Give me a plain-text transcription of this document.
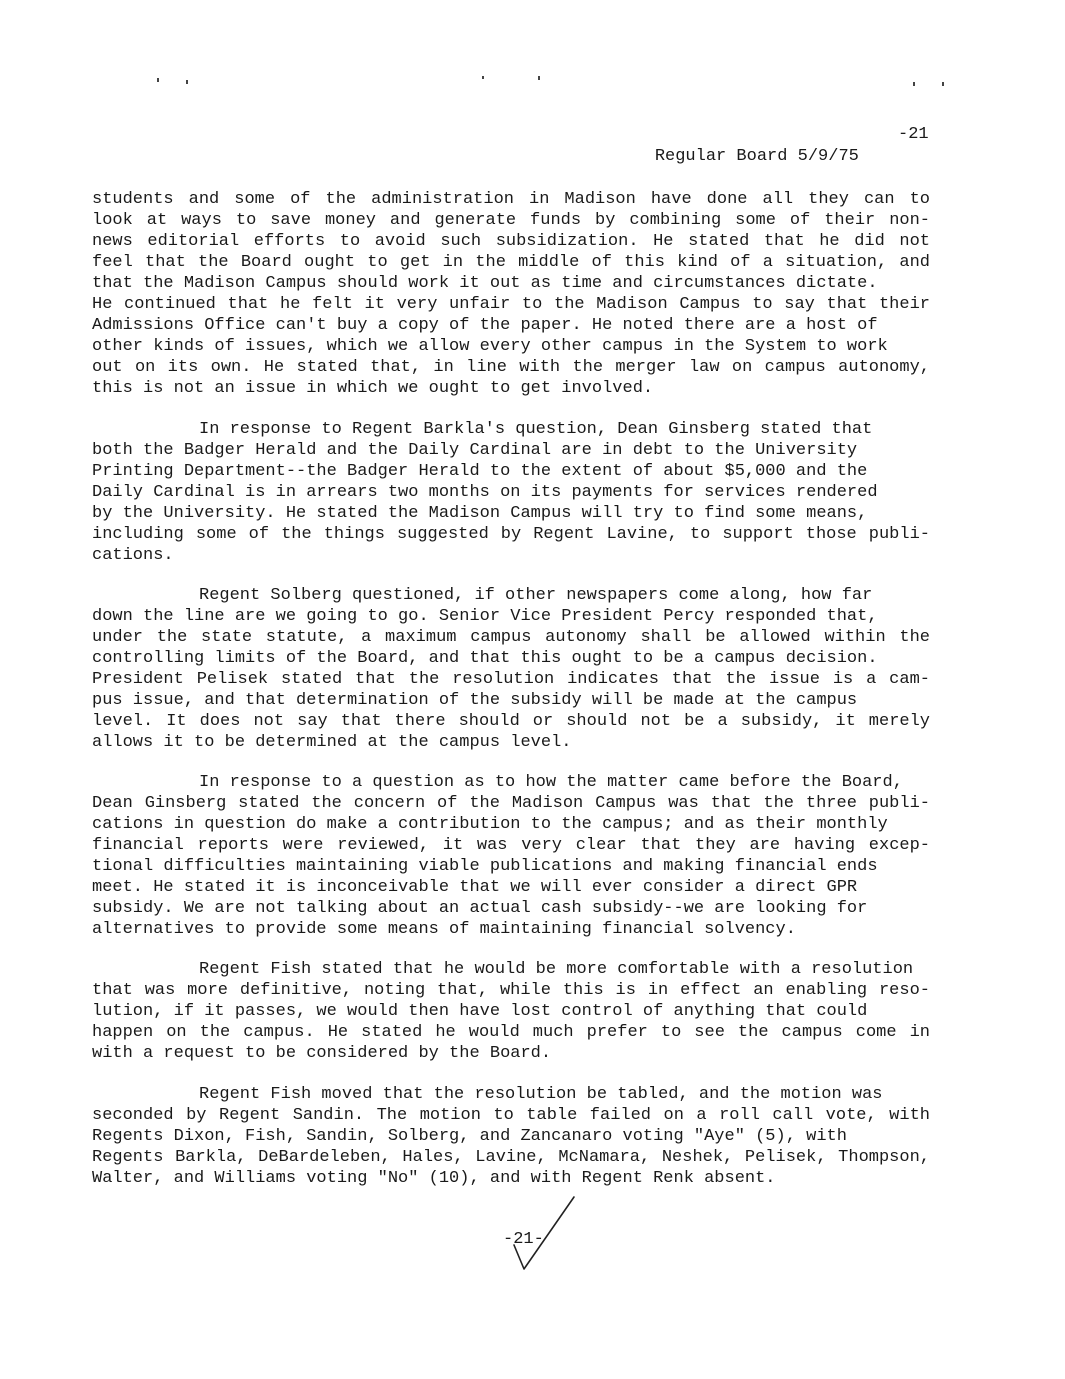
Regular Board 5/9/75

-21

students and some of the administration in Madison have done all they can to
look at ways to save money and generate funds by combining some of their non-
news editorial efforts to avoid such subsidization. He stated that he did not
feel that the Board ought to get in the middle of this kind of a situation, and
that the Madison Campus should work it out as time and circumstances dictate.
He continued that he felt it very unfair to the Madison Campus to say that their
Admissions Office can't buy a copy of the paper. He noted there are a host of
other kinds of issues, which we allow every other campus in the System to work
out on its own. He stated that, in line with the merger law on campus autonomy,
this is not an issue in which we ought to get involved.
In response to Regent Barkla's question, Dean Ginsberg stated that
both the Badger Herald and the Daily Cardinal are in debt to the University
Printing Department--the Badger Herald to the extent of about $5,000 and the
Daily Cardinal is in arrears two months on its payments for services rendered
by the University. He stated the Madison Campus will try to find some means,
including some of the things suggested by Regent Lavine, to support those publi-
cations.
Regent Solberg questioned, if other newspapers come along, how far
down the line are we going to go. Senior Vice President Percy responded that,
under the state statute, a maximum campus autonomy shall be allowed within the
controlling limits of the Board, and that this ought to be a campus decision.
President Pelisek stated that the resolution indicates that the issue is a cam-
pus issue, and that determination of the subsidy will be made at the campus
level. It does not say that there should or should not be a subsidy, it merely
allows it to be determined at the campus level.
In response to a question as to how the matter came before the Board,
Dean Ginsberg stated the concern of the Madison Campus was that the three publi-
cations in question do make a contribution to the campus; and as their monthly
financial reports were reviewed, it was very clear that they are having excep-
tional difficulties maintaining viable publications and making financial ends
meet. He stated it is inconceivable that we will ever consider a direct GPR
subsidy. We are not talking about an actual cash subsidy--we are looking for
alternatives to provide some means of maintaining financial solvency.
Regent Fish stated that he would be more comfortable with a resolution
that was more definitive, noting that, while this is in effect an enabling reso-
lution, if it passes, we would then have lost control of anything that could
happen on the campus. He stated he would much prefer to see the campus come in
with a request to be considered by the Board.
Regent Fish moved that the resolution be tabled, and the motion was
seconded by Regent Sandin. The motion to table failed on a roll call vote, with
Regents Dixon, Fish, Sandin, Solberg, and Zancanaro voting "Aye" (5), with
Regents Barkla, DeBardeleben, Hales, Lavine, McNamara, Neshek, Pelisek, Thompson,
Walter, and Williams voting "No" (10), and with Regent Renk absent.
-21-
